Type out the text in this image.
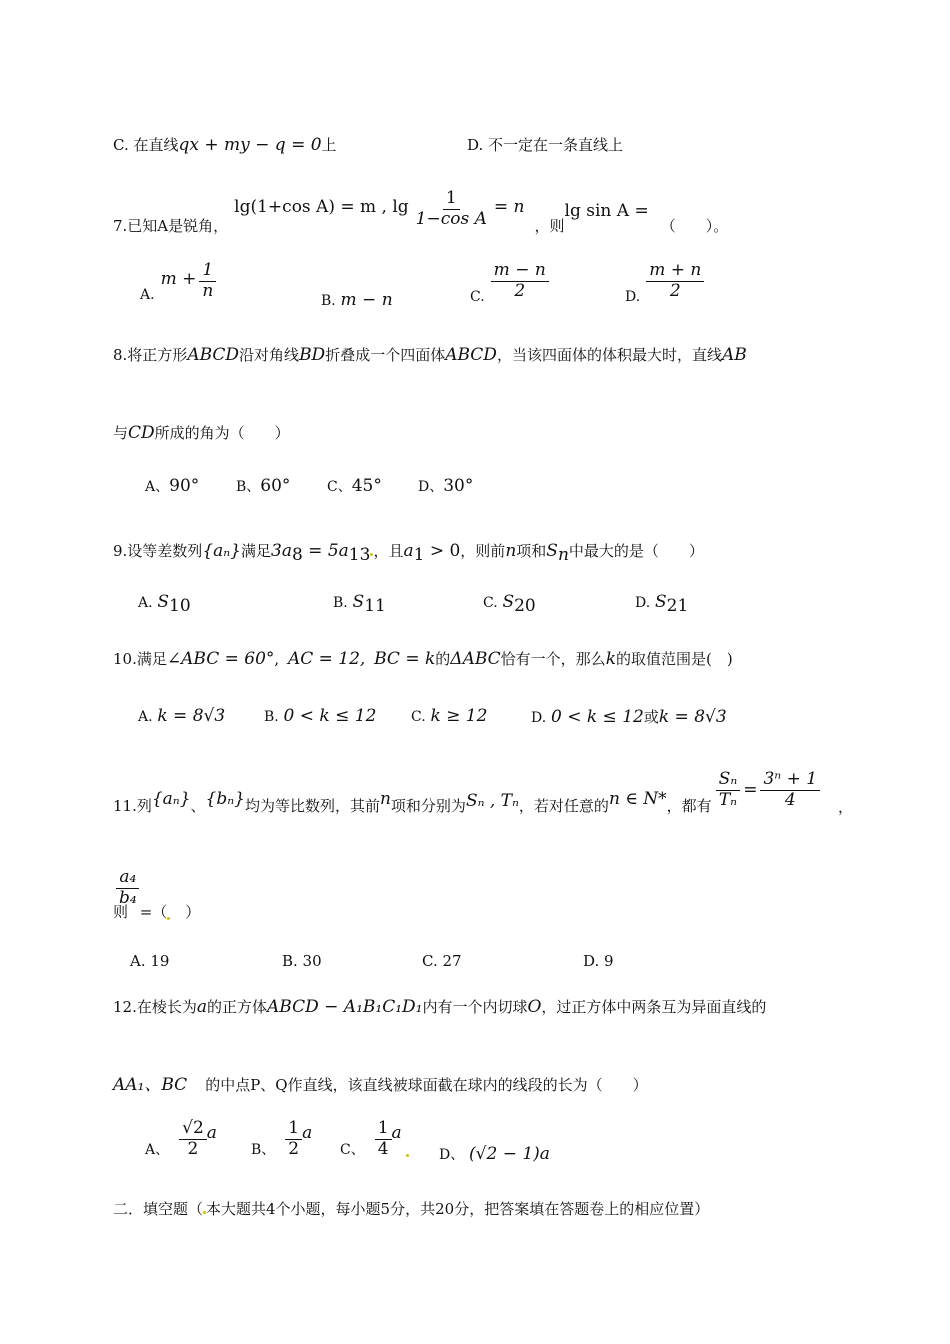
C. 在直线qx + my − q = 0上	D. 不一定在一条直线上
7.已知A是锐角，
lg(1+cos A) = m , $\lg \frac{1}{\text{1−cos A}} = n$
，则
lg sin A =
（　　）。
A.
$m + \frac{1}{n}$
B. m − n	C. $\frac{m - n}{2}$	D. $\frac{m + n}{2}$
8.将正方形ABCD沿对角线BD折叠成一个四面体ABCD，当该四面体的体积最大时，直线AB
与CD所成的角为（　　）
A、90°	B、60°	C、45°	D、30°
9.设等差数列{aₙ}满足$3a_8 = 5a_{13}$ ，且$a_1 > 0$，则前n项和$S_n$中最大的是（　　）
A. $S_{10}$	B. $S_{11}$	C. $S_{20}$	D. $S_{21}$
10.满足∠ABC = 60°, AC = 12, BC = k的ΔABC恰有一个，那么k的取值范围是(　)
A. k = 8√3	B. 0 < k ≤ 12 C. k ≥ 12	D. 0 < k ≤ 12或k = 8√3
11.列 {aₙ} 、 {bₙ} 均为等比数列，其前 n 项和分别为 Sₙ , Tₙ ，若对任意的 n ∈ N* ，都有 $\frac{\text{Sₙ}}{\text{Tₙ}} = \frac{\text{3ⁿ + 1}}{4}$ ，
则
$\frac{\text{a₄}}{\text{b₄}}$
=（ 　）
A. 19	B. 30	C. 27	D. 9
12.在棱长为a的正方体ABCD − A₁B₁C₁D₁内有一个内切球O，过正方体中两条互为异面直线的
AA₁、BC 的中点P、Q作直线，该直线被球面截在球内的线段的长为（　　）
A、 $\frac{√2}{2}$ a
B、 $\frac{1}{2}$ a
C、 $\frac{1}{4}$ a
D、 (√2 − 1)a
二．填空题（ 本大题共4个小题，每小题5分，共20分，把答案填在答题卷上的相应位置）
